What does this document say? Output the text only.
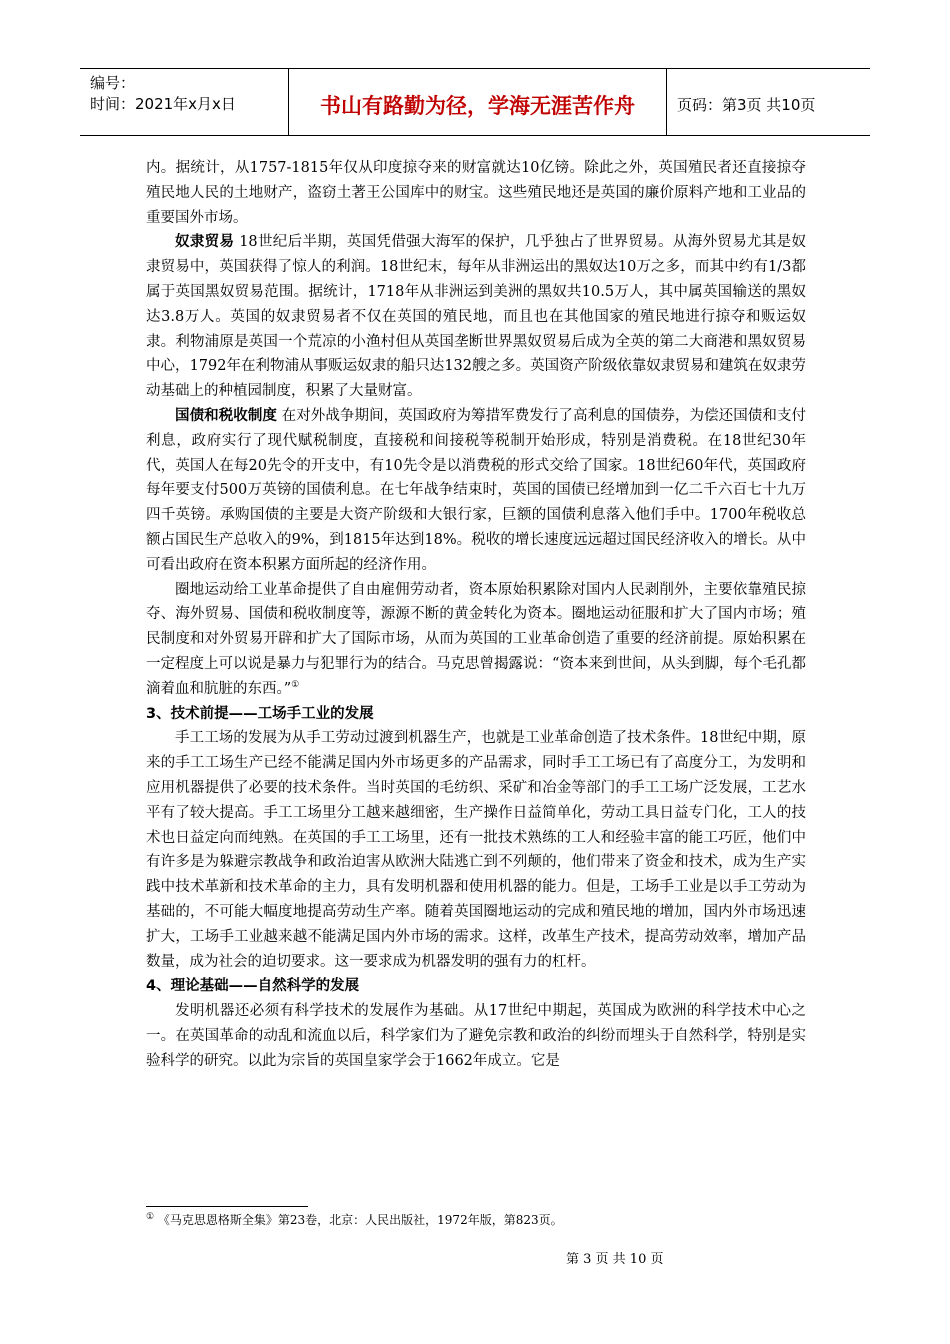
编号：
时间：2021年x月x日	书山有路勤为径，学海无涯苦作舟	页码：第3页 共10页

内。据统计，从1757-1815年仅从印度掠夺来的财富就达10亿镑。除此之外，英国殖民者还直接掠夺殖民地人民的土地财产，盗窃土著王公国库中的财宝。这些殖民地还是英国的廉价原料产地和工业品的重要国外市场。

奴隶贸易 18世纪后半期，英国凭借强大海军的保护，几乎独占了世界贸易。从海外贸易尤其是奴隶贸易中，英国获得了惊人的利润。18世纪末，每年从非洲运出的黑奴达10万之多，而其中约有1/3都属于英国黑奴贸易范围。据统计，1718年从非洲运到美洲的黑奴共10.5万人，其中属英国输送的黑奴达3.8万人。英国的奴隶贸易者不仅在英国的殖民地，而且也在其他国家的殖民地进行掠夺和贩运奴隶。利物浦原是英国一个荒凉的小渔村但从英国垄断世界黑奴贸易后成为全英的第二大商港和黑奴贸易中心，1792年在利物浦从事贩运奴隶的船只达132艘之多。英国资产阶级依靠奴隶贸易和建筑在奴隶劳动基础上的种植园制度，积累了大量财富。

国债和税收制度 在对外战争期间，英国政府为筹措军费发行了高利息的国债券，为偿还国债和支付利息，政府实行了现代赋税制度，直接税和间接税等税制开始形成，特别是消费税。在18世纪30年代，英国人在每20先令的开支中，有10先令是以消费税的形式交给了国家。18世纪60年代，英国政府每年要支付500万英镑的国债利息。在七年战争结束时，英国的国债已经增加到一亿二千六百七十九万四千英镑。承购国债的主要是大资产阶级和大银行家，巨额的国债利息落入他们手中。1700年税收总额占国民生产总收入的9%，到1815年达到18%。税收的增长速度远远超过国民经济收入的增长。从中可看出政府在资本积累方面所起的经济作用。

圈地运动给工业革命提供了自由雇佣劳动者，资本原始积累除对国内人民剥削外，主要依靠殖民掠夺、海外贸易、国债和税收制度等，源源不断的黄金转化为资本。圈地运动征服和扩大了国内市场；殖民制度和对外贸易开辟和扩大了国际市场，从而为英国的工业革命创造了重要的经济前提。原始积累在一定程度上可以说是暴力与犯罪行为的结合。马克思曾揭露说：“资本来到世间，从头到脚，每个毛孔都滴着血和肮脏的东西。”①

3、技术前提——工场手工业的发展

手工工场的发展为从手工劳动过渡到机器生产，也就是工业革命创造了技术条件。18世纪中期，原来的手工工场生产已经不能满足国内外市场更多的产品需求，同时手工工场已有了高度分工，为发明和应用机器提供了必要的技术条件。当时英国的毛纺织、采矿和冶金等部门的手工工场广泛发展，工艺水平有了较大提高。手工工场里分工越来越细密，生产操作日益简单化，劳动工具日益专门化，工人的技术也日益定向而纯熟。在英国的手工工场里，还有一批技术熟练的工人和经验丰富的能工巧匠，他们中有许多是为躲避宗教战争和政治迫害从欧洲大陆逃亡到不列颠的，他们带来了资金和技术，成为生产实践中技术革新和技术革命的主力，具有发明机器和使用机器的能力。但是，工场手工业是以手工劳动为基础的，不可能大幅度地提高劳动生产率。随着英国圈地运动的完成和殖民地的增加，国内外市场迅速扩大，工场手工业越来越不能满足国内外市场的需求。这样，改革生产技术，提高劳动效率，增加产品数量，成为社会的迫切要求。这一要求成为机器发明的强有力的杠杆。

4、理论基础——自然科学的发展

发明机器还必须有科学技术的发展作为基础。从17世纪中期起，英国成为欧洲的科学技术中心之一。在英国革命的动乱和流血以后，科学家们为了避免宗教和政治的纠纷而埋头于自然科学，特别是实验科学的研究。以此为宗旨的英国皇家学会于1662年成立。它是

① 《马克思恩格斯全集》第23卷，北京：人民出版社，1972年版，第823页。
第 3 页 共 10 页
